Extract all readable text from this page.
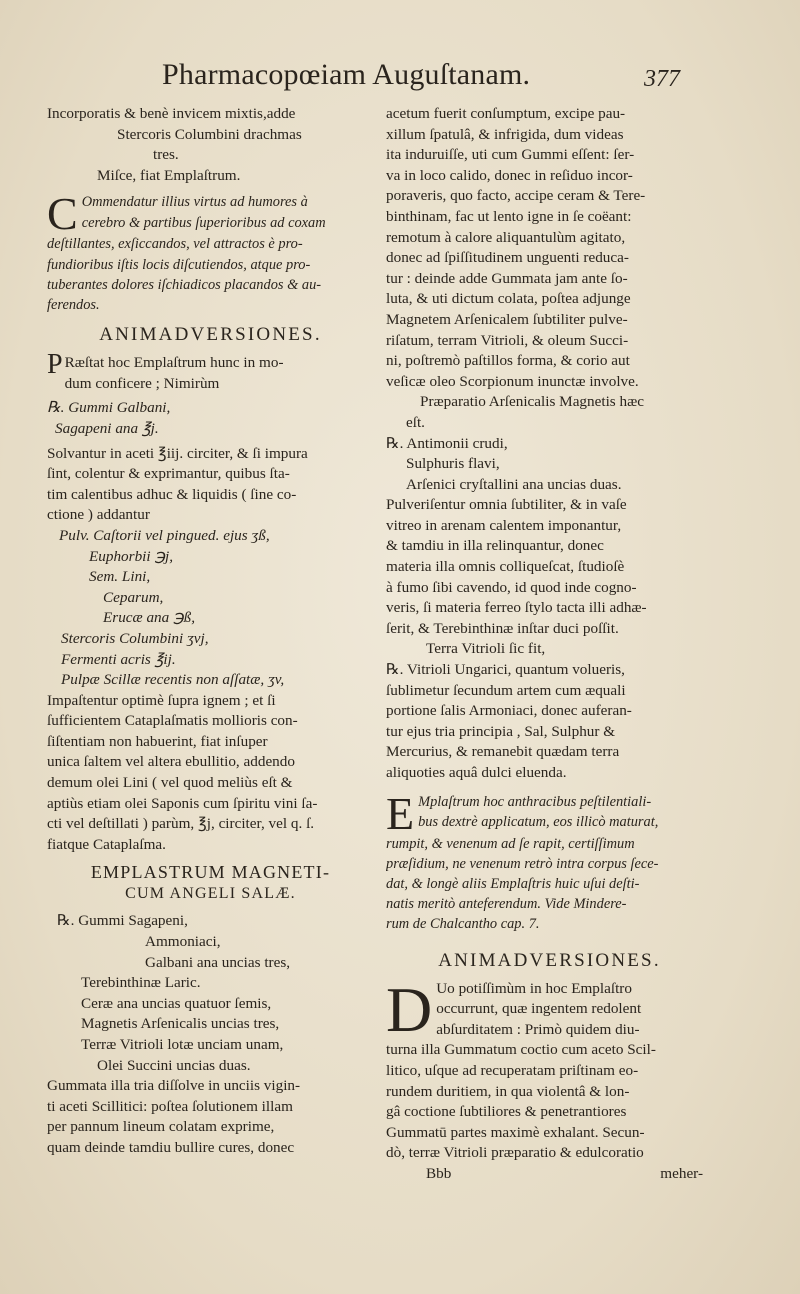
Pharmacopœiam Auguſtanam.	377
Incorporatis & benè invicem mixtis,adde
Stercoris Columbini drachmas
tres.
Miſce, fiat Emplaſtrum.
C Ommendatur illius virtus ad humores à
cerebro & partibus ſuperioribus ad coxam
deſtillantes, exſiccandos, vel attractos è pro-
fundioribus iſtis locis diſcutiendos, atque pro-
tuberantes dolores iſchiadicos placandos & au-
ferendos.
ANIMADVERSIONES.
P Ræſtat hoc Emplaſtrum hunc in mo-
dum conficere ; Nimirùm
℞. Gummi Galbani,
Sagapeni ana ℥j.
Solvantur in aceti ℥iij. circiter, & ſi impura
ſint, colentur & exprimantur, quibus ſta-
tim calentibus adhuc & liquidis ( ſine co-
ctione ) addantur
Pulv. Caſtorii vel pingued. ejus ʒß,
Euphorbii ℈j,
Sem. Lini,
Ceparum,
Erucæ ana ℈ß,
Stercoris Columbini ʒvj,
Fermenti acris ℥ij.
Pulpæ Scillæ recentis non aſſatæ, ʒv,
Impaſtentur optimè ſupra ignem ; et ſi
ſufficientem Cataplaſmatis mollioris con-
ſiſtentiam non habuerint, fiat inſuper
unica ſaltem vel altera ebullitio, addendo
demum olei Lini ( vel quod meliùs eſt &
aptiùs etiam olei Saponis cum ſpiritu vini ſa-
cti vel deſtillati ) parùm, ℥j, circiter, vel q. ſ.
fiatque Cataplaſma.
EMPLASTRUM MAGNETI-
CUM ANGELI SALÆ.
℞. Gummi Sagapeni,
Ammoniaci,
Galbani ana uncias tres,
Terebinthinæ Laric.
Ceræ ana uncias quatuor ſemis,
Magnetis Arſenicalis uncias tres,
Terræ Vitrioli lotæ unciam unam,
Olei Succini uncias duas.
Gummata illa tria diſſolve in unciis vigin-
ti aceti Scillitici: poſtea ſolutionem illam
per pannum lineum colatam exprime,
quam deinde tamdiu bullire cures, donec
acetum fuerit conſumptum, excipe pau-
xillum ſpatulâ, & infrigida, dum videas
ita induruiſſe, uti cum Gummi eſſent: ſer-
va in loco calido, donec in reſiduo incor-
poraveris, quo facto, accipe ceram & Tere-
binthinam, fac ut lento igne in ſe coëant:
remotum à calore aliquantulùm agitato,
donec ad ſpiſſitudinem unguenti reduca-
tur : deinde adde Gummata jam ante ſo-
luta, & uti dictum colata, poſtea adjunge
Magnetem Arſenicalem ſubtiliter pulve-
riſatum, terram Vitrioli, & oleum Succi-
ni, poſtremò paſtillos forma, & corio aut
veſicæ oleo Scorpionum inunctæ involve.
Præparatio Arſenicalis Magnetis hæc
eſt.
℞. Antimonii crudi,
Sulphuris flavi,
Arſenici cryſtallini ana uncias duas.
Pulveriſentur omnia ſubtiliter, & in vaſe
vitreo in arenam calentem imponantur,
& tamdiu in illa relinquantur, donec
materia illa omnis colliqueſcat, ſtudioſè
à fumo ſibi cavendo, id quod inde cogno-
veris, ſi materia ferreo ſtylo tacta illi adhæ-
ſerit, & Terebinthinæ inſtar duci poſſit.
Terra Vitrioli ſic fit,
℞. Vitrioli Ungarici, quantum volueris,
ſublimetur ſecundum artem cum æquali
portione ſalis Armoniaci, donec auferan-
tur ejus tria principia , Sal, Sulphur &
Mercurius, & remanebit quædam terra
aliquoties aquâ dulci eluenda.
E Mplaſtrum hoc anthracibus peſtilentiali-
bus dextrè applicatum, eos illicò maturat,
rumpit, & venenum ad ſe rapit, certiſſimum
præſidium, ne venenum retrò intra corpus ſece-
dat, & longè aliis Emplaſtris huic uſui deſti-
natis meritò anteferendum. Vide Mindere-
rum de Chalcantho cap. 7.
ANIMADVERSIONES.
D Uo potiſſimùm in hoc Emplaſtro
occurrunt, quæ ingentem redolent
abſurditatem : Primò quidem diu-
turna illa Gummatum coctio cum aceto Scil-
litico, uſque ad recuperatam priſtinam eo-
rundem duritiem, in qua violentâ & lon-
gâ coctione ſubtiliores & penetrantiores
Gummatū partes maximè exhalant. Secun-
dò, terræ Vitrioli præparatio & edulcoratio
Bbb	meher-
